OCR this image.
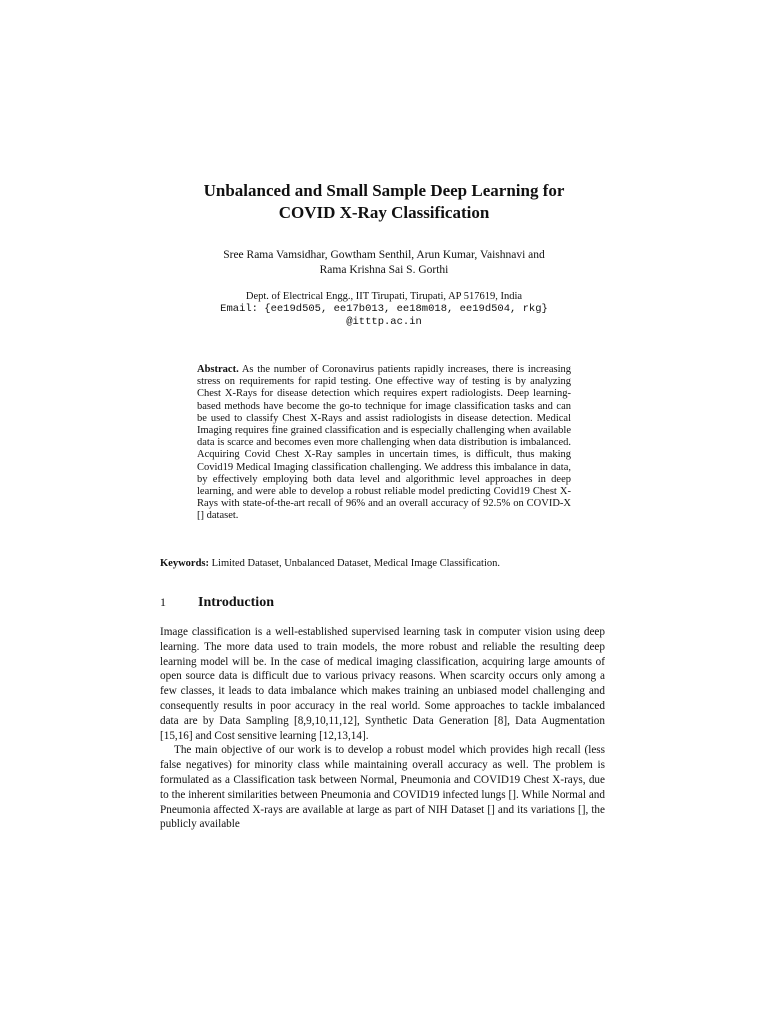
Unbalanced and Small Sample Deep Learning for
COVID X-Ray Classification
Sree Rama Vamsidhar, Gowtham Senthil, Arun Kumar, Vaishnavi and
Rama Krishna Sai S. Gorthi
Dept. of Electrical Engg., IIT Tirupati, Tirupati, AP 517619, India
Email: {ee19d505, ee17b013, ee18m018, ee19d504, rkg}
@itttp.ac.in
Abstract. As the number of Coronavirus patients rapidly increases, there is increasing stress on requirements for rapid testing. One effective way of testing is by analyzing Chest X-Rays for disease detection which requires expert radiologists. Deep learning-based methods have become the go-to technique for image classification tasks and can be used to classify Chest X-Rays and assist radiologists in disease detection. Medical Imaging requires fine grained classification and is especially challenging when available data is scarce and becomes even more challenging when data distribution is imbalanced. Acquiring Covid Chest X-Ray samples in uncertain times, is difficult, thus making Covid19 Medical Imaging classification challenging. We address this imbalance in data, by effectively employing both data level and algorithmic level approaches in deep learning, and were able to develop a robust reliable model predicting Covid19 Chest X-Rays with state-of-the-art recall of 96% and an overall accuracy of 92.5% on COVID-X [] dataset.
Keywords: Limited Dataset, Unbalanced Dataset, Medical Image Classification.
1 Introduction

Image classification is a well-established supervised learning task in computer vision using deep learning. The more data used to train models, the more robust and reliable the resulting deep learning model will be. In the case of medical imaging classification, acquiring large amounts of open source data is difficult due to various privacy reasons. When scarcity occurs only among a few classes, it leads to data imbalance which makes training an unbiased model challenging and consequently results in poor accuracy in the real world. Some approaches to tackle imbalanced data are by Data Sampling [8,9,10,11,12], Synthetic Data Generation [8], Data Augmentation [15,16] and Cost sensitive learning [12,13,14].

The main objective of our work is to develop a robust model which provides high recall (less false negatives) for minority class while maintaining overall accuracy as well. The problem is formulated as a Classification task between Normal, Pneumonia and COVID19 Chest X-rays, due to the inherent similarities between Pneumonia and COVID19 infected lungs []. While Normal and Pneumonia affected X-rays are available at large as part of NIH Dataset [] and its variations [], the publicly available
